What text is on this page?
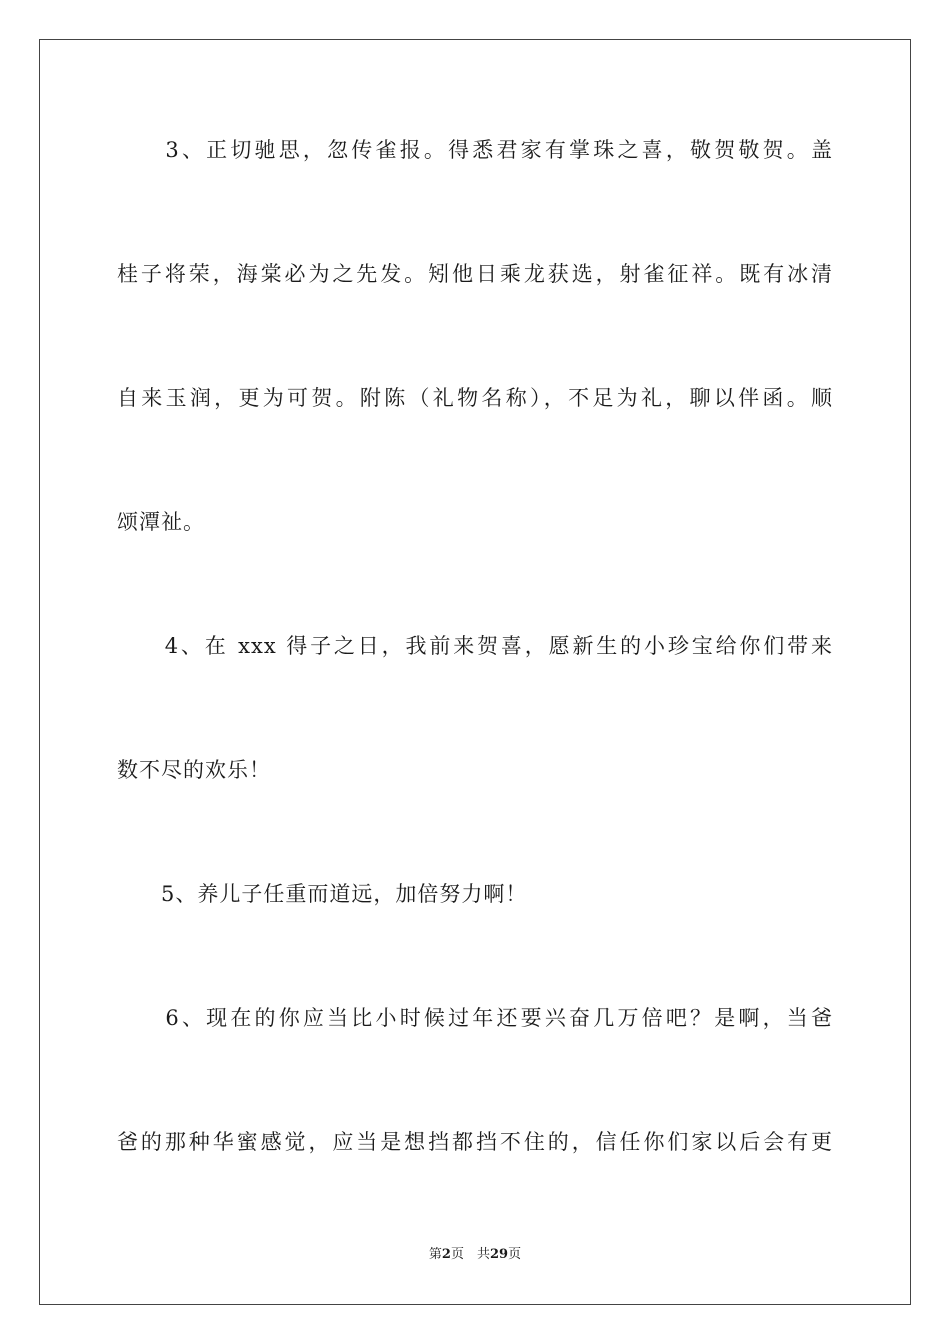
　　3、正切驰思，忽传雀报。得悉君家有掌珠之喜，敬贺敬贺。盖
桂子将荣，海棠必为之先发。矧他日乘龙获选，射雀征祥。既有冰清
自来玉润，更为可贺。附陈（礼物名称），不足为礼，聊以伴函。顺
颂潭祉。
　　4、在 xxx 得子之日，我前来贺喜，愿新生的小珍宝给你们带来
数不尽的欢乐！
　　5、养儿子任重而道远，加倍努力啊！
　　6、现在的你应当比小时候过年还要兴奋几万倍吧？是啊，当爸
爸的那种华蜜感觉，应当是想挡都挡不住的，信任你们家以后会有更
第2页　共29页
